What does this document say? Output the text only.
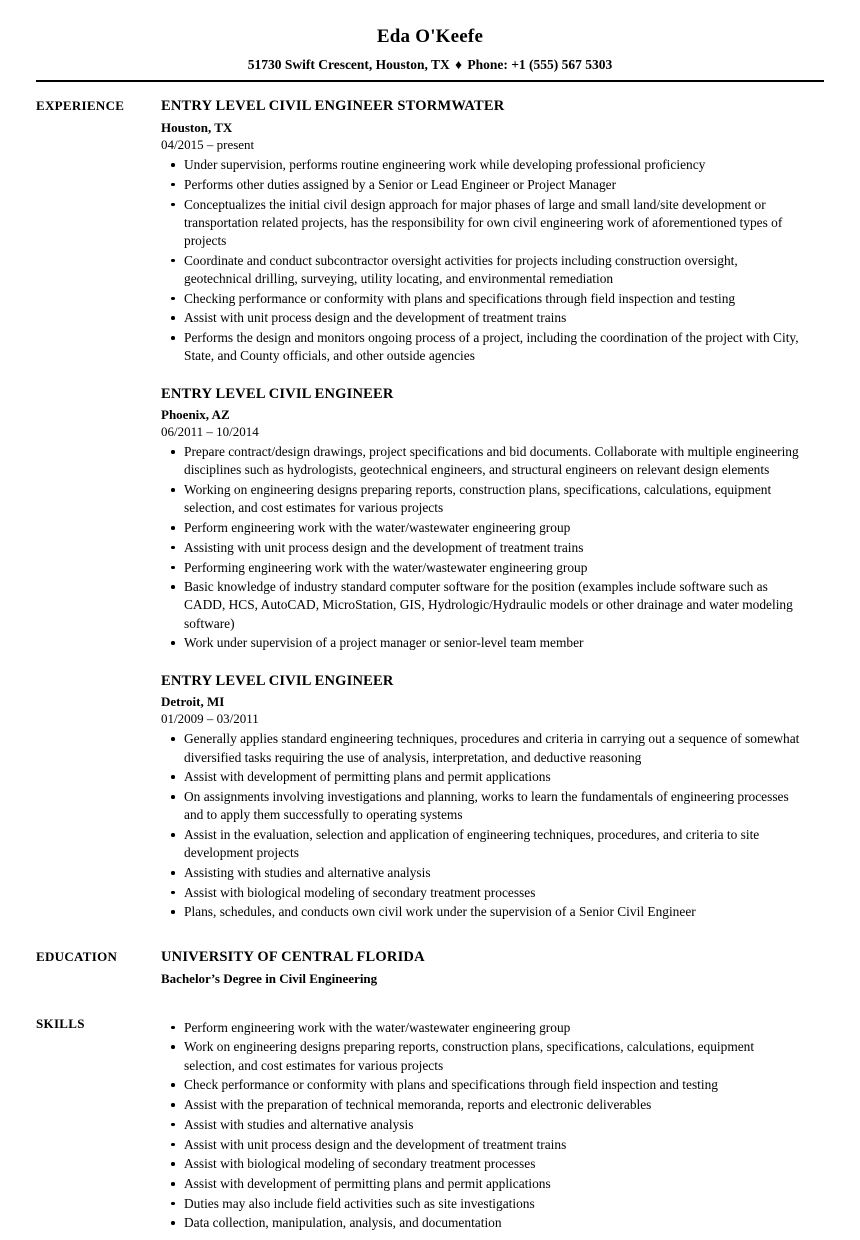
Eda O'Keefe
51730 Swift Crescent, Houston, TX ♦ Phone: +1 (555) 567 5303
EXPERIENCE	ENTRY LEVEL CIVIL ENGINEER STORMWATER
Houston, TX
04/2015 – present
Under supervision, performs routine engineering work while developing professional proficiency
Performs other duties assigned by a Senior or Lead Engineer or Project Manager
Conceptualizes the initial civil design approach for major phases of large and small land/site development or transportation related projects, has the responsibility for own civil engineering work of aforementioned types of projects
Coordinate and conduct subcontractor oversight activities for projects including construction oversight, geotechnical drilling, surveying, utility locating, and environmental remediation
Checking performance or conformity with plans and specifications through field inspection and testing
Assist with unit process design and the development of treatment trains
Performs the design and monitors ongoing process of a project, including the coordination of the project with City, State, and County officials, and other outside agencies
ENTRY LEVEL CIVIL ENGINEER
Phoenix, AZ
06/2011 – 10/2014
Prepare contract/design drawings, project specifications and bid documents. Collaborate with multiple engineering disciplines such as hydrologists, geotechnical engineers, and structural engineers on relevant design elements
Working on engineering designs preparing reports, construction plans, specifications, calculations, equipment selection, and cost estimates for various projects
Perform engineering work with the water/wastewater engineering group
Assisting with unit process design and the development of treatment trains
Performing engineering work with the water/wastewater engineering group
Basic knowledge of industry standard computer software for the position (examples include software such as CADD, HCS, AutoCAD, MicroStation, GIS, Hydrologic/Hydraulic models or other drainage and water modeling software)
Work under supervision of a project manager or senior-level team member
ENTRY LEVEL CIVIL ENGINEER
Detroit, MI
01/2009 – 03/2011
Generally applies standard engineering techniques, procedures and criteria in carrying out a sequence of somewhat diversified tasks requiring the use of analysis, interpretation, and deductive reasoning
Assist with development of permitting plans and permit applications
On assignments involving investigations and planning, works to learn the fundamentals of engineering processes and to apply them successfully to operating systems
Assist in the evaluation, selection and application of engineering techniques, procedures, and criteria to site development projects
Assisting with studies and alternative analysis
Assist with biological modeling of secondary treatment processes
Plans, schedules, and conducts own civil work under the supervision of a Senior Civil Engineer
EDUCATION	UNIVERSITY OF CENTRAL FLORIDA
Bachelor’s Degree in Civil Engineering
SKILLS	Perform engineering work with the water/wastewater engineering group
Work on engineering designs preparing reports, construction plans, specifications, calculations, equipment selection, and cost estimates for various projects
Check performance or conformity with plans and specifications through field inspection and testing
Assist with the preparation of technical memoranda, reports and electronic deliverables
Assist with studies and alternative analysis
Assist with unit process design and the development of treatment trains
Assist with biological modeling of secondary treatment processes
Assist with development of permitting plans and permit applications
Duties may also include field activities such as site investigations
Data collection, manipulation, analysis, and documentation
